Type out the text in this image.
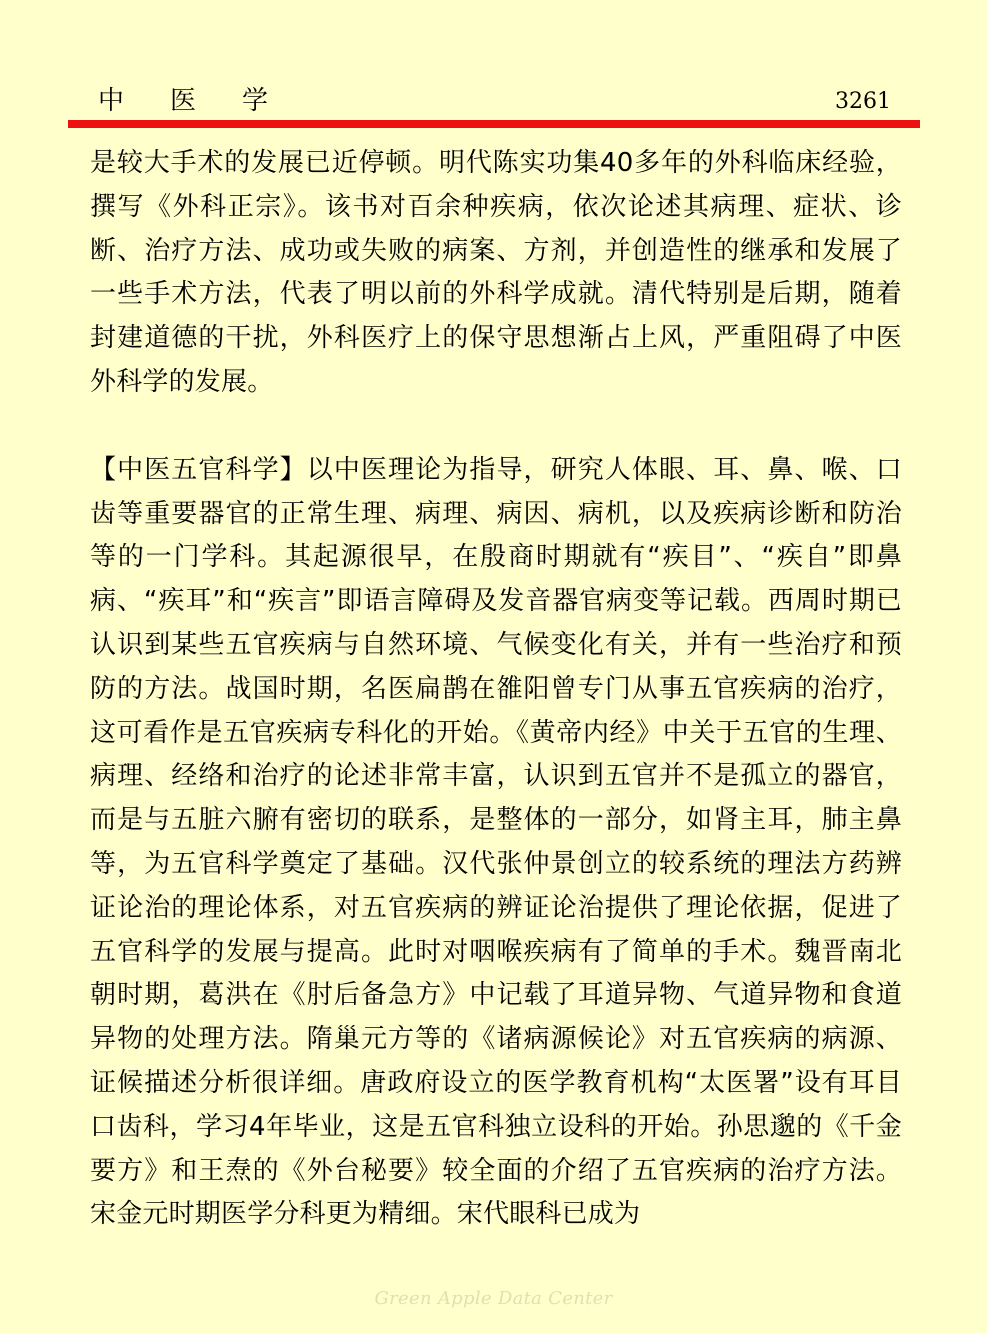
中医学	3261

是较大手术的发展已近停顿。明代陈实功集40多年的外科临床经验，撰写《外科正宗》。该书对百余种疾病，依次论述其病理、症状、诊断、治疗方法、成功或失败的病案、方剂，并创造性的继承和发展了一些手术方法，代表了明以前的外科学成就。清代特别是后期，随着封建道德的干扰，外科医疗上的保守思想渐占上风，严重阻碍了中医外科学的发展。

【中医五官科学】以中医理论为指导，研究人体眼、耳、鼻、喉、口齿等重要器官的正常生理、病理、病因、病机，以及疾病诊断和防治等的一门学科。其起源很早，在殷商时期就有“疾目”、“疾自”即鼻病、“疾耳”和“疾言”即语言障碍及发音器官病变等记载。西周时期已认识到某些五官疾病与自然环境、气候变化有关，并有一些治疗和预防的方法。战国时期，名医扁鹊在雒阳曾专门从事五官疾病的治疗，这可看作是五官疾病专科化的开始。《黄帝内经》中关于五官的生理、病理、经络和治疗的论述非常丰富，认识到五官并不是孤立的器官，而是与五脏六腑有密切的联系，是整体的一部分，如肾主耳，肺主鼻等，为五官科学奠定了基础。汉代张仲景创立的较系统的理法方药辨证论治的理论体系，对五官疾病的辨证论治提供了理论依据，促进了五官科学的发展与提高。此时对咽喉疾病有了简单的手术。魏晋南北朝时期，葛洪在《肘后备急方》中记载了耳道异物、气道异物和食道异物的处理方法。隋巢元方等的《诸病源候论》对五官疾病的病源、证候描述分析很详细。唐政府设立的医学教育机构“太医署”设有耳目口齿科，学习4年毕业，这是五官科独立设科的开始。孙思邈的《千金要方》和王焘的《外台秘要》较全面的介绍了五官疾病的治疗方法。宋金元时期医学分科更为精细。宋代眼科已成为

Green Apple Data Center
